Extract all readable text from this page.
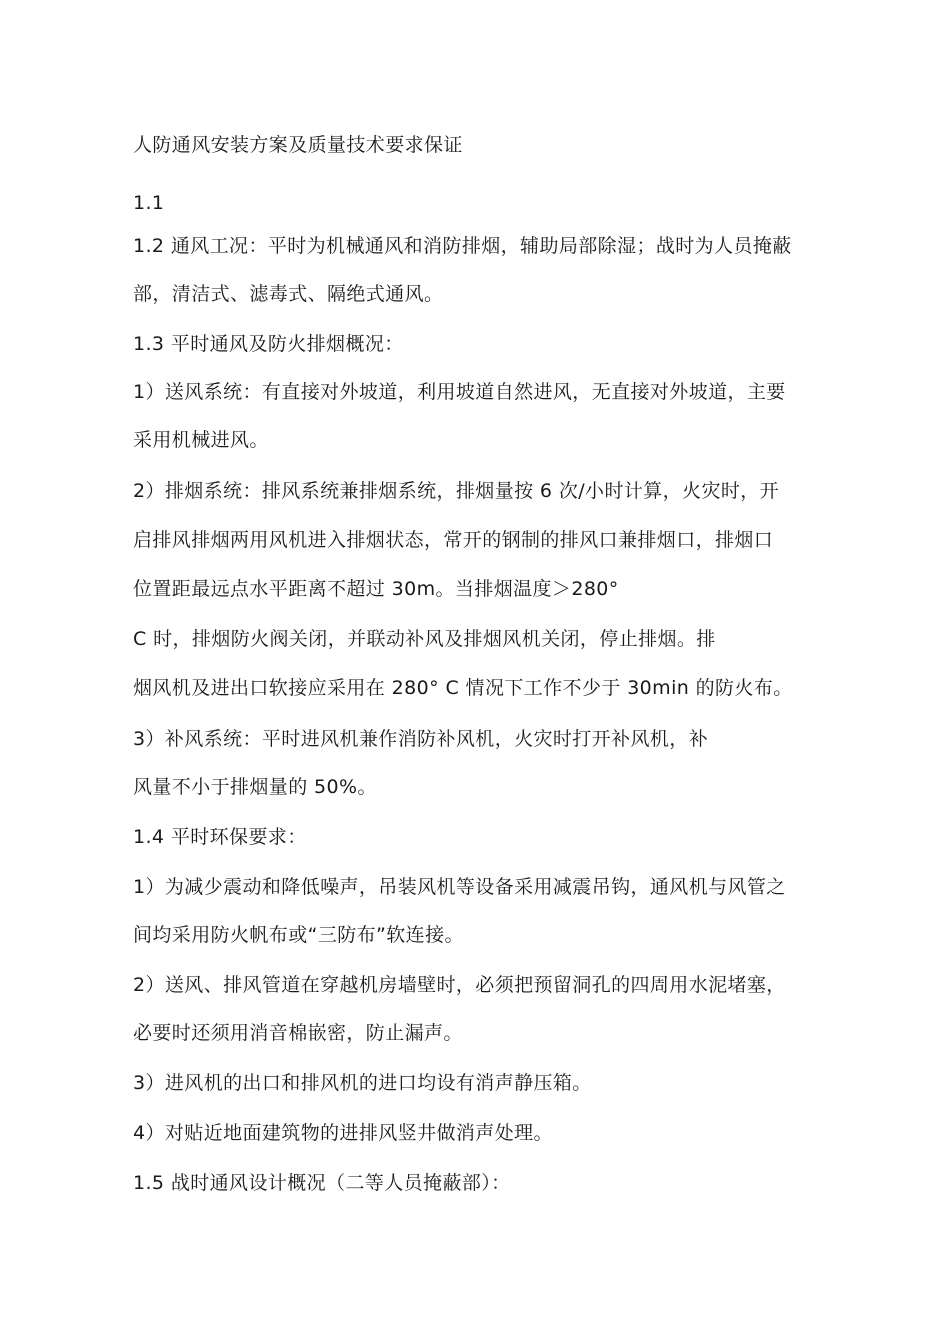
人防通风安装方案及质量技术要求保证
1.1
1.2 通风工况：平时为机械通风和消防排烟，辅助局部除湿；战时为人员掩蔽
部，清洁式、滤毒式、隔绝式通风。
1.3 平时通风及防火排烟概况：
1）送风系统：有直接对外坡道，利用坡道自然进风，无直接对外坡道，主要
采用机械进风。
2）排烟系统：排风系统兼排烟系统，排烟量按 6 次/小时计算，火灾时，开
启排风排烟两用风机进入排烟状态，常开的钢制的排风口兼排烟口，排烟口
位置距最远点水平距离不超过 30m。当排烟温度＞280°
C 时，排烟防火阀关闭，并联动补风及排烟风机关闭，停止排烟。排
烟风机及进出口软接应采用在 280° C 情况下工作不少于 30min 的防火布。
3）补风系统：平时进风机兼作消防补风机，火灾时打开补风机，补
风量不小于排烟量的 50%。
1.4 平时环保要求：
1）为减少震动和降低噪声，吊装风机等设备采用减震吊钩，通风机与风管之
间均采用防火帆布或“三防布”软连接。
2）送风、排风管道在穿越机房墙壁时，必须把预留洞孔的四周用水泥堵塞，
必要时还须用消音棉嵌密，防止漏声。
3）进风机的出口和排风机的进口均设有消声静压箱。
4）对贴近地面建筑物的进排风竖井做消声处理。
1.5 战时通风设计概况（二等人员掩蔽部）：
